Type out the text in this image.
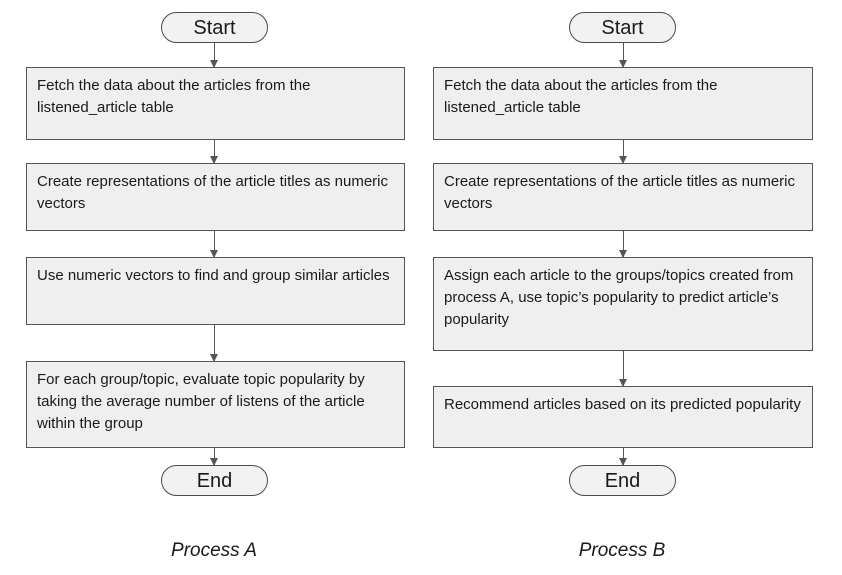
Start
Fetch the data about the articles from the listened_article table
Create representations of the article titles as numeric vectors
Use numeric vectors to find and group similar articles
For each group/topic, evaluate topic popularity by taking the average number of listens of the article within the group
End
Process A
Start
Fetch the data about the articles from the listened_article table
Create representations of the article titles as numeric vectors
Assign each article to the groups/topics created from process A, use topic’s popularity to predict article’s popularity
Recommend articles based on its predicted popularity
End
Process B
